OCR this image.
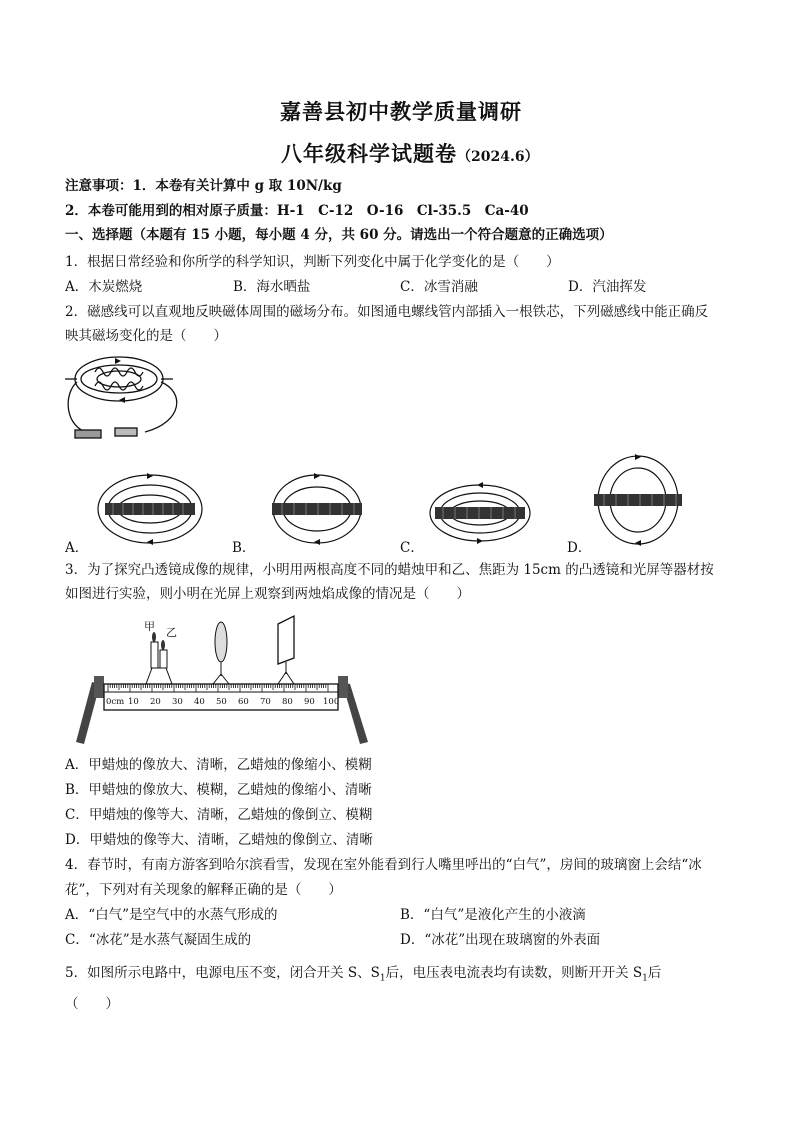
嘉善县初中教学质量调研
八年级科学试题卷（2024.6）
注意事项：1．本卷有关计算中 g 取 10N/kg
2．本卷可能用到的相对原子质量：H-1　C-12　O-16　Cl-35.5　Ca-40
一、选择题（本题有 15 小题，每小题 4 分，共 60 分。请选出一个符合题意的正确选项）
1．根据日常经验和你所学的科学知识，判断下列变化中属于化学变化的是（　　）
A．木炭燃烧	B．海水晒盐	C．冰雪消融	D．汽油挥发
2．磁感线可以直观地反映磁体周围的磁场分布。如图通电螺线管内部插入一根铁芯，下列磁感线中能正确反
映其磁场变化的是（　　）
A．	B．	C．	D．
3．为了探究凸透镜成像的规律，小明用两根高度不同的蜡烛甲和乙、焦距为 15cm 的凸透镜和光屏等器材按
如图进行实验，则小明在光屏上观察到两烛焰成像的情况是（　　）
甲 乙
0cm 10 20 30 40 50 60 70 80 90 100
A．甲蜡烛的像放大、清晰，乙蜡烛的像缩小、模糊
B．甲蜡烛的像放大、模糊，乙蜡烛的像缩小、清晰
C．甲蜡烛的像等大、清晰，乙蜡烛的像倒立、模糊
D．甲蜡烛的像等大、清晰，乙蜡烛的像倒立、清晰
4．春节时，有南方游客到哈尔滨看雪，发现在室外能看到行人嘴里呼出的“白气”，房间的玻璃窗上会结“冰
花”，下列对有关现象的解释正确的是（　　）
A．“白气”是空气中的水蒸气形成的	B．“白气”是液化产生的小液滴
C．“冰花”是水蒸气凝固生成的	D．“冰花”出现在玻璃窗的外表面
5．如图所示电路中，电源电压不变，闭合开关 S、$S_1$后，电压表电流表均有读数，则断开开关 $S_1$后
（　　）
